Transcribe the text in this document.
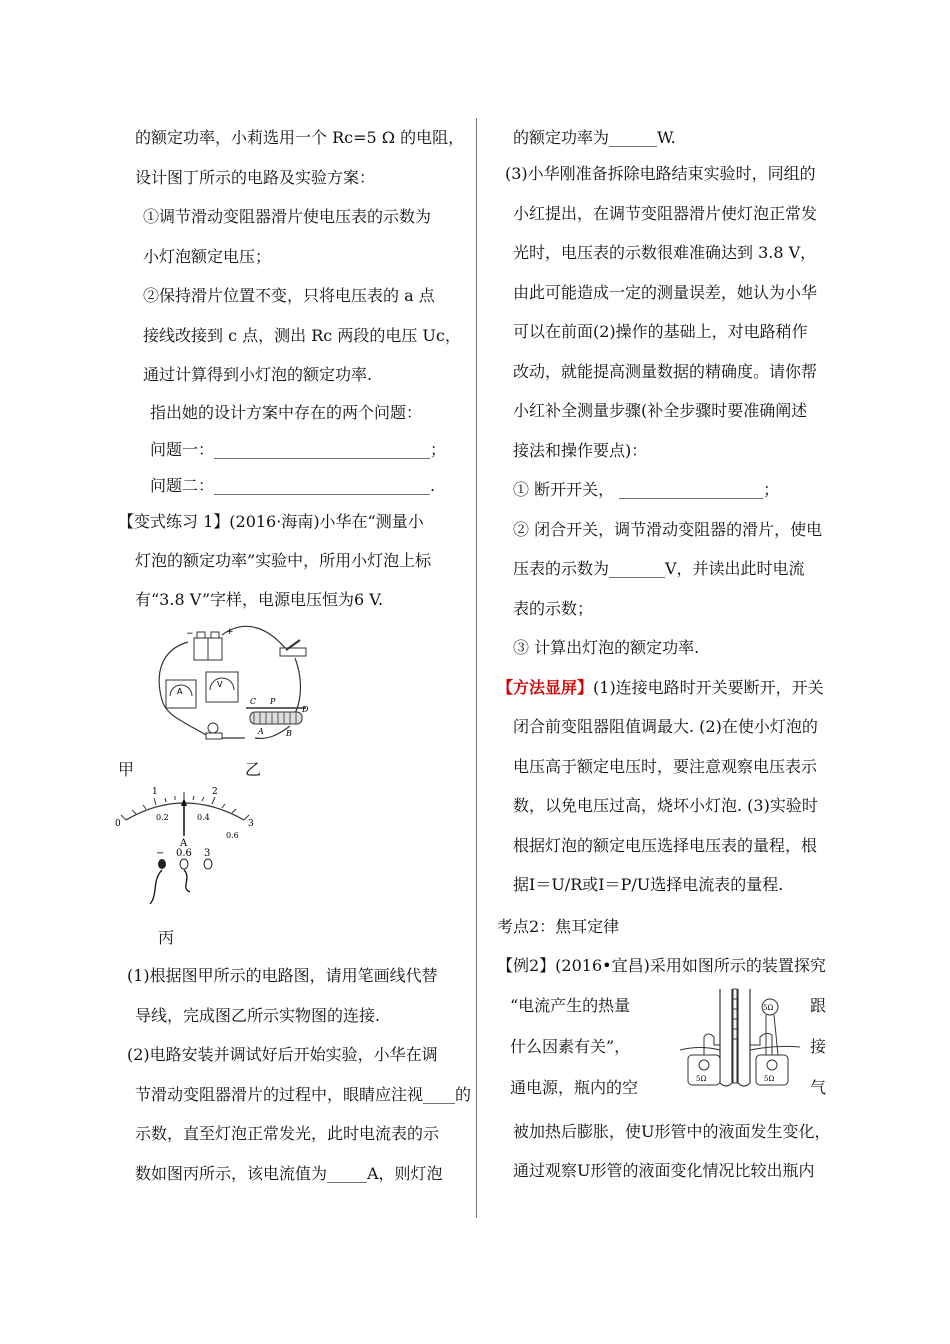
的额定功率，小莉选用一个 Rc=5 Ω 的电阻，
设计图丁所示的电路及实验方案：
①调节滑动变阻器滑片使电压表的示数为
小灯泡额定电压；
②保持滑片位置不变，只将电压表的 a 点
接线改接到 c 点，测出 Rc 两段的电压 Uc，
通过计算得到小灯泡的额定功率.
指出她的设计方案中存在的两个问题：
问题一：___________________________；
问题二：___________________________.
【变式练习 1】(2016·海南)小华在“测量小
灯泡的额定功率”实验中，所用小灯泡上标
有“3.8 V”字样，电源电压恒为6 V.
−	+
A
V
C P
D
A	B
甲	乙
0
1	2
3
0.2	0.4
0.6
A
− 0.6 3
丙
(1)根据图甲所示的电路图，请用笔画线代替
导线，完成图乙所示实物图的连接.
(2)电路安装并调试好后开始实验，小华在调
节滑动变阻器滑片的过程中，眼睛应注视____的
示数，直至灯泡正常发光，此时电流表的示
数如图丙所示，该电流值为_____A，则灯泡
的额定功率为______W.
(3)小华刚准备拆除电路结束实验时，同组的
小红提出，在调节变阻器滑片使灯泡正常发
光时，电压表的示数很难准确达到 3.8 V，
由此可能造成一定的测量误差，她认为小华
可以在前面(2)操作的基础上，对电路稍作
改动，就能提高测量数据的精确度。请你帮
小红补全测量步骤(补全步骤时要准确阐述
接法和操作要点)：
① 断开开关， __________________；
② 闭合开关，调节滑动变阻器的滑片，使电
压表的示数为_______V，并读出此时电流
表的示数；
③ 计算出灯泡的额定功率.
【方法显屏】(1)连接电路时开关要断开，开关
闭合前变阻器阻值调最大. (2)在使小灯泡的
电压高于额定电压时，要注意观察电压表示
数，以免电压过高，烧坏小灯泡. (3)实验时
根据灯泡的额定电压选择电压表的量程，根
据I＝U/R或I＝P/U选择电流表的量程.
考点2：焦耳定律
【例2】(2016•宜昌)采用如图所示的装置探究
“电流产生的热量	跟
什么因素有关”，	接
通电源，瓶内的空	气
5Ω
5Ω	5Ω
被加热后膨胀，使U形管中的液面发生变化，
通过观察U形管的液面变化情况比较出瓶内
